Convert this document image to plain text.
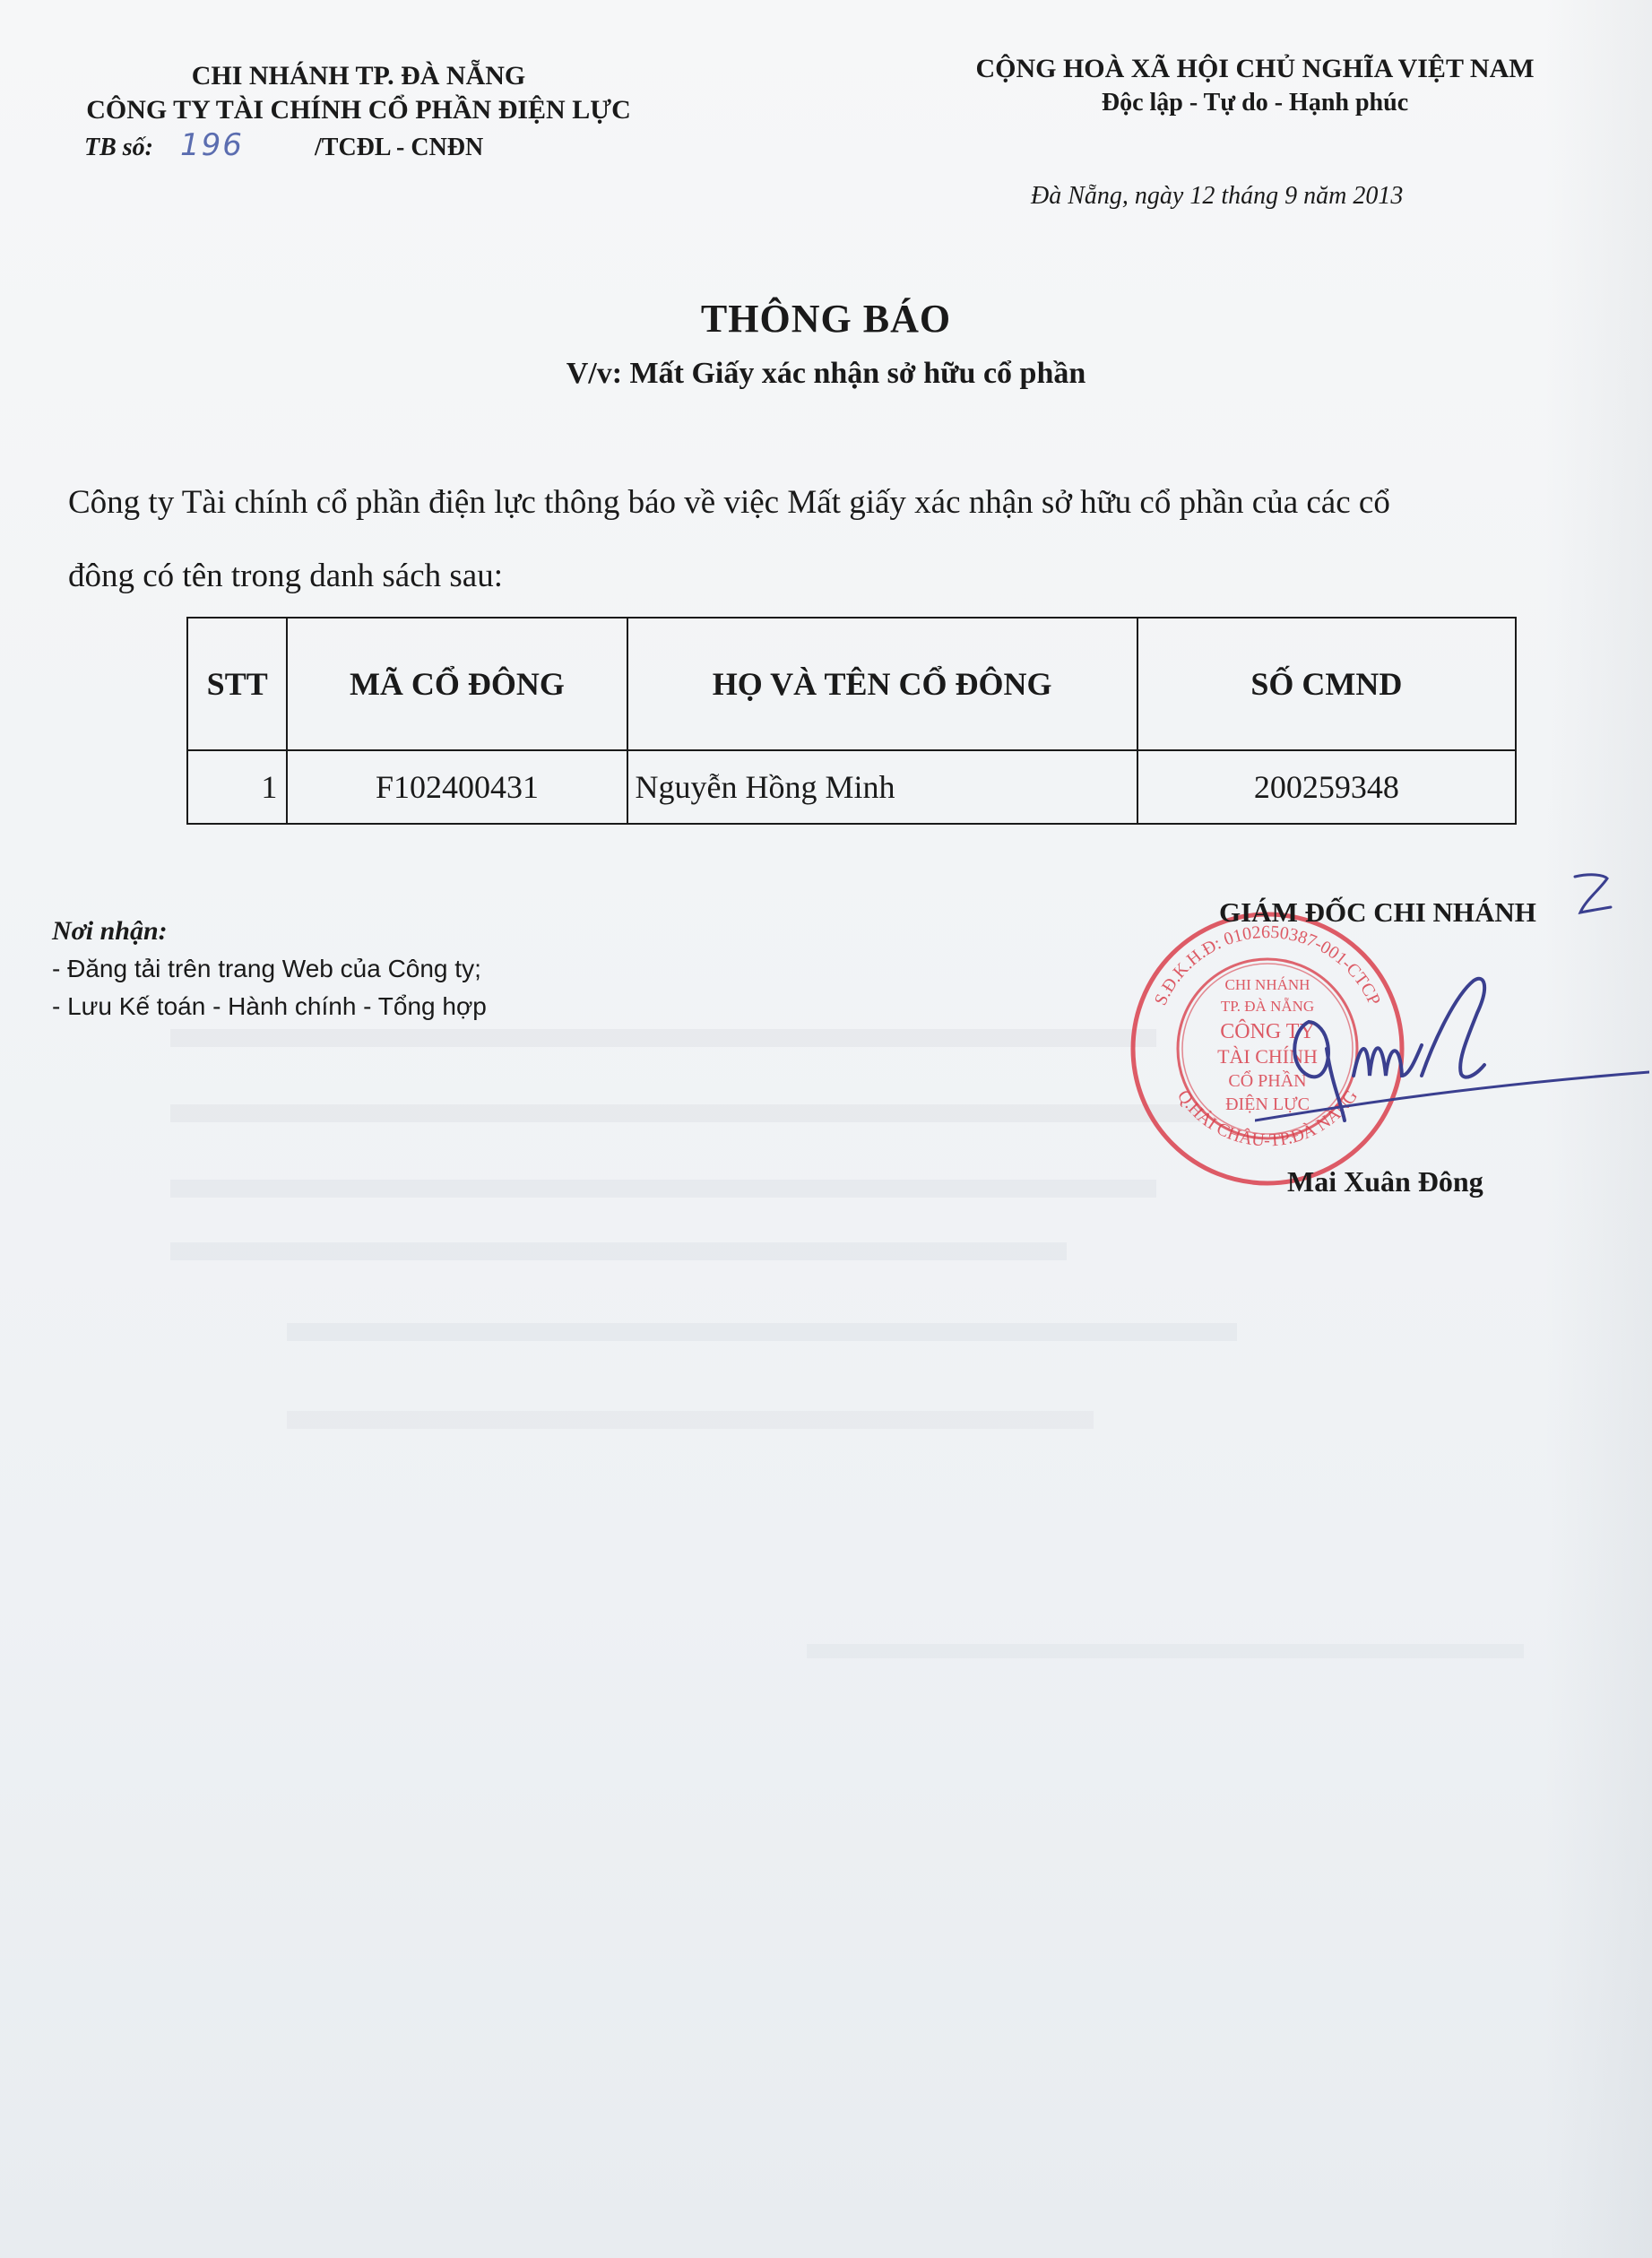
CHI NHÁNH TP. ĐÀ NẴNG
CÔNG TY TÀI CHÍNH CỔ PHẦN ĐIỆN LỰC
TB số: 196	/TCĐL - CNĐN
CỘNG HOÀ XÃ HỘI CHỦ NGHĨA VIỆT NAM
Độc lập - Tự do - Hạnh phúc
Đà Nẵng, ngày 12 tháng 9 năm 2013
THÔNG BÁO
V/v: Mất Giấy xác nhận sở hữu cổ phần
Công ty Tài chính cổ phần điện lực thông báo về việc Mất giấy xác nhận sở hữu cổ phần của các cổ
đông có tên trong danh sách sau:
STT	MÃ CỔ ĐÔNG	HỌ VÀ TÊN CỔ ĐÔNG	SỐ CMND
1	F102400431	Nguyễn Hồng Minh	200259348
Nơi nhận:
- Đăng tải trên trang Web của Công ty;
- Lưu Kế toán - Hành chính - Tổng hợp	S.Đ.K.H.Đ: 0102650387-001-CTCP
Q.HẢI CHÂU-TP.ĐÀ NẴNG
CHI NHÁNH
TP. ĐÀ NẴNG
CÔNG TY
TÀI CHÍNH
CỔ PHẦN
ĐIỆN LỰC
GIÁM ĐỐC CHI NHÁNH
Mai Xuân Đông
